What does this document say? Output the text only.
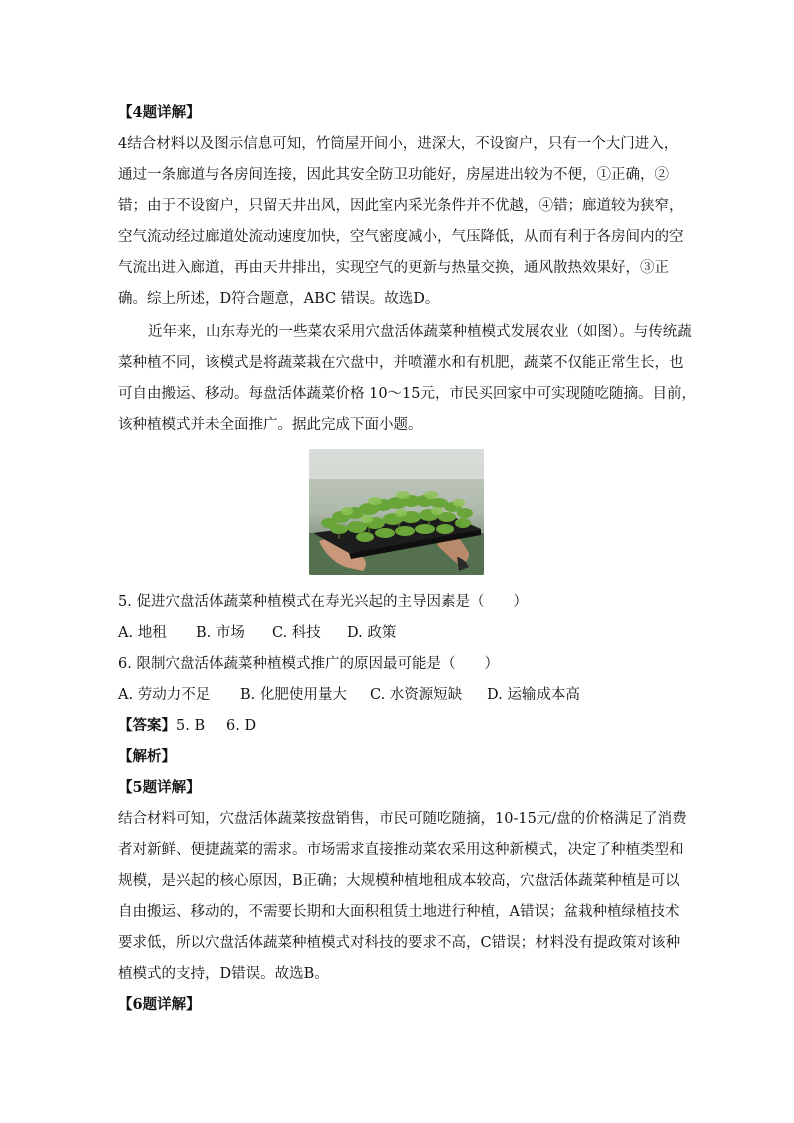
【4题详解】
4结合材料以及图示信息可知，竹筒屋开间小，进深大，不设窗户，只有一个大门进入，
通过一条廊道与各房间连接，因此其安全防卫功能好，房屋进出较为不便，①正确，②
错；由于不设窗户，只留天井出风，因此室内采光条件并不优越，④错；廊道较为狭窄，
空气流动经过廊道处流动速度加快，空气密度减小，气压降低，从而有利于各房间内的空
气流出进入廊道，再由天井排出，实现空气的更新与热量交换，通风散热效果好，③正
确。综上所述，D符合题意，ABC 错误。故选D。
近年来，山东寿光的一些菜农采用穴盘活体蔬菜种植模式发展农业（如图）。与传统蔬
菜种植不同，该模式是将蔬菜栽在穴盘中，并喷灌水和有机肥，蔬菜不仅能正常生长，也
可自由搬运、移动。每盘活体蔬菜价格 10～15元，市民买回家中可实现随吃随摘。目前，
该种植模式并未全面推广。据此完成下面小题。
5. 促进穴盘活体蔬菜种植模式在寿光兴起的主导因素是（　　）
A. 地租 B. 市场 C. 科技 D. 政策
6. 限制穴盘活体蔬菜种植模式推广的原因最可能是（　　）
A. 劳动力不足 B. 化肥使用量大 C. 水资源短缺 D. 运输成本高
【答案】 5. B 6. D
【解析】
【5题详解】
结合材料可知，穴盘活体蔬菜按盘销售，市民可随吃随摘，10-15元/盘的价格满足了消费
者对新鲜、便捷蔬菜的需求。市场需求直接推动菜农采用这种新模式，决定了种植类型和
规模，是兴起的核心原因，B正确；大规模种植地租成本较高，穴盘活体蔬菜种植是可以
自由搬运、移动的，不需要长期和大面积租赁土地进行种植，A错误；盆栽种植绿植技术
要求低，所以穴盘活体蔬菜种植模式对科技的要求不高，C错误；材料没有提政策对该种
植模式的支持，D错误。故选B。
【6题详解】
